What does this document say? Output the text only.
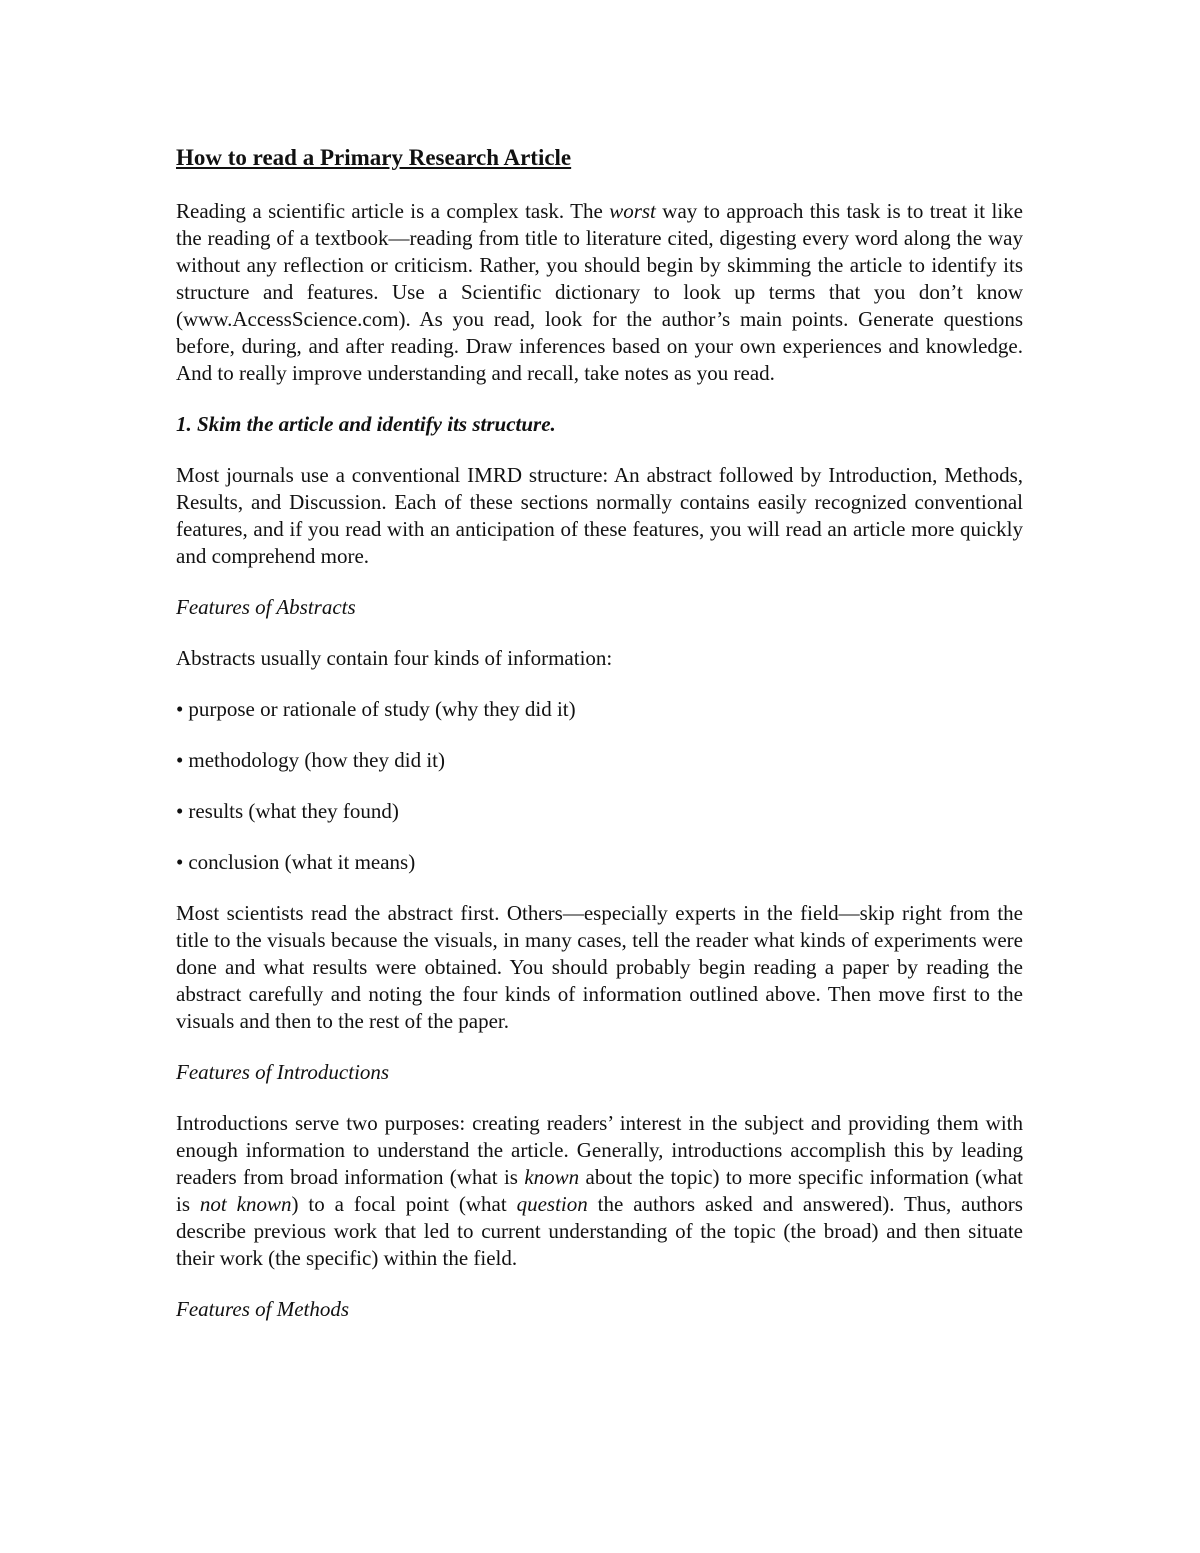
How to read a Primary Research Article

Reading a scientific article is a complex task. The worst way to approach this task is to treat it like the reading of a textbook—reading from title to literature cited, digesting every word along the way without any reflection or criticism. Rather, you should begin by skimming the article to identify its structure and features. Use a Scientific dictionary to look up terms that you don’t know (www.AccessScience.com). As you read, look for the author’s main points. Generate questions before, during, and after reading. Draw inferences based on your own experiences and knowledge. And to really improve understanding and recall, take notes as you read.

1. Skim the article and identify its structure.

Most journals use a conventional IMRD structure: An abstract followed by Introduction, Methods, Results, and Discussion. Each of these sections normally contains easily recognized conventional features, and if you read with an anticipation of these features, you will read an article more quickly and comprehend more.

Features of Abstracts

Abstracts usually contain four kinds of information:

• purpose or rationale of study (why they did it)

• methodology (how they did it)

• results (what they found)

• conclusion (what it means)

Most scientists read the abstract first. Others—especially experts in the field—skip right from the title to the visuals because the visuals, in many cases, tell the reader what kinds of experiments were done and what results were obtained. You should probably begin reading a paper by reading the abstract carefully and noting the four kinds of information outlined above. Then move first to the visuals and then to the rest of the paper.

Features of Introductions

Introductions serve two purposes: creating readers’ interest in the subject and providing them with enough information to understand the article. Generally, introductions accomplish this by leading readers from broad information (what is known about the topic) to more specific information (what is not known) to a focal point (what question the authors asked and answered). Thus, authors describe previous work that led to current understanding of the topic (the broad) and then situate their work (the specific) within the field.

Features of Methods
